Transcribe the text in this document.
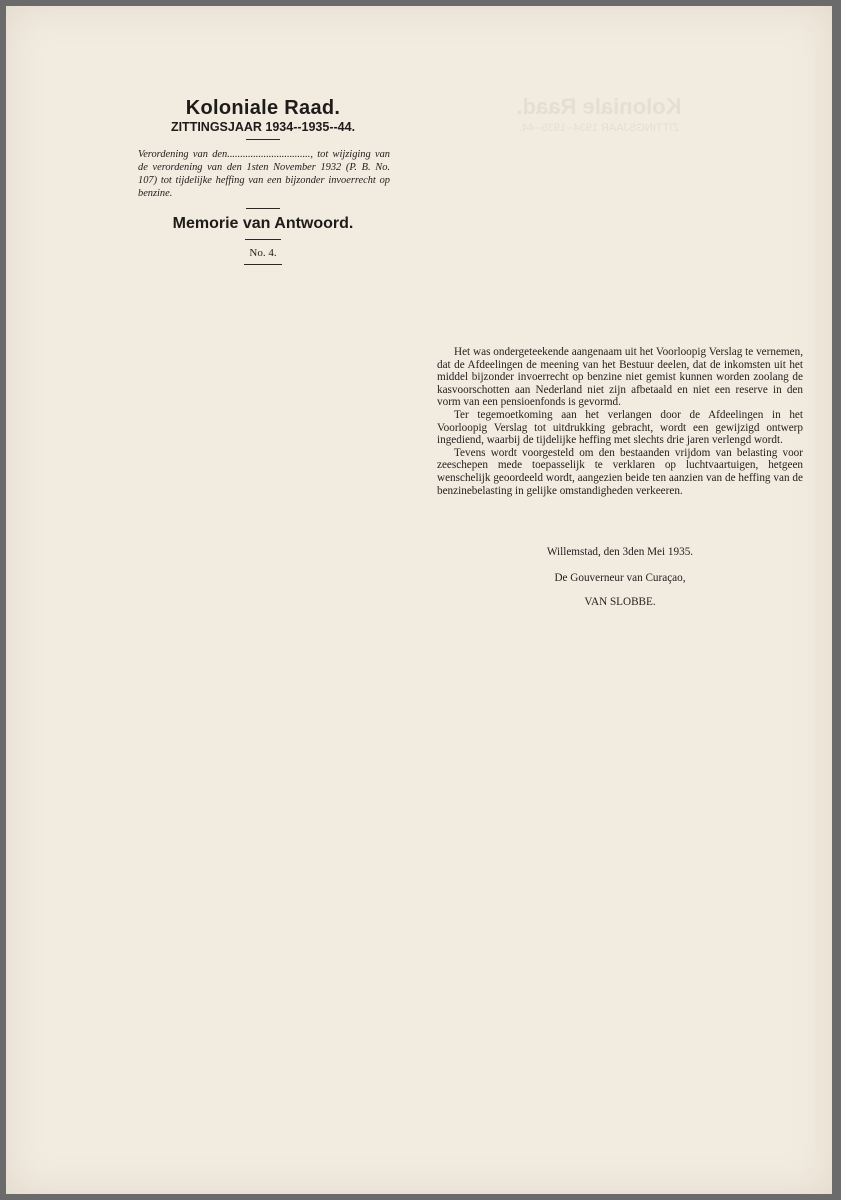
Koloniale Raad.
ZITTINGSJAAR 1934--1935--44.
Koloniale Raad.
ZITTINGSJAAR 1934--1935--44.
Verordening van den................................, tot wijziging van de verordening van den 1sten November 1932 (P. B. No. 107) tot tijdelijke heffing van een bijzonder invoerrecht op benzine.
Memorie van Antwoord.
No. 4.

Het was ondergeteekende aangenaam uit het Voorloopig Verslag te vernemen, dat de Afdeelingen de meening van het Bestuur deelen, dat de inkomsten uit het middel bijzonder invoerrecht op benzine niet gemist kunnen worden zoolang de kasvoorschotten aan Nederland niet zijn afbetaald en niet een reserve in den vorm van een pensioenfonds is gevormd.

Ter tegemoetkoming aan het verlangen door de Afdeelingen in het Voorloopig Verslag tot uitdrukking gebracht, wordt een gewijzigd ontwerp ingediend, waarbij de tijdelijke heffing met slechts drie jaren verlengd wordt.

Tevens wordt voorgesteld om den bestaanden vrijdom van belasting voor zeeschepen mede toepasselijk te verklaren op luchtvaartuigen, hetgeen wenschelijk geoordeeld wordt, aangezien beide ten aanzien van de heffing van de benzinebelasting in gelijke omstandigheden verkeeren.

Willemstad, den 3den Mei 1935.
De Gouverneur van Curaçao,
VAN SLOBBE.
